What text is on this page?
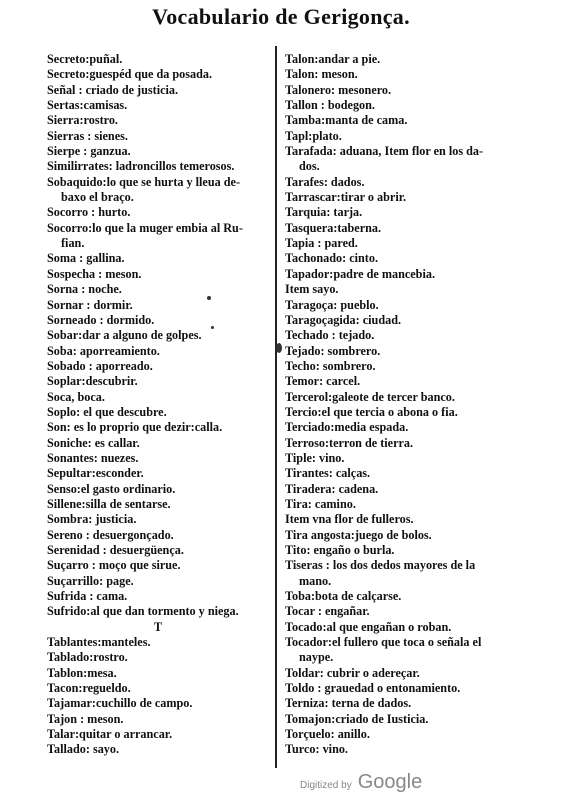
Vocabulario de Gerigonça.
Secreto:puñal.
Secreto:guespéd que da posada.
Señal : criado de justicia.
Sertas:camisas.
Sierra:rostro.
Sierras : sienes.
Sierpe : ganzua.
Similirrates: ladroncillos temerosos.
Sobaquido:lo que se hurta y lleua de-
baxo el braço.
Socorro : hurto.
Socorro:lo que la muger embia al Ru-
fian.
Soma : gallina.
Sospecha : meson.
Sorna : noche.
Sornar : dormir.
Sorneado : dormido.
Sobar:dar a alguno de golpes.
Soba: aporreamiento.
Sobado : aporreado.
Soplar:descubrir.
Soca, boca.
Soplo: el que descubre.
Son: es lo proprio que dezir:calla.
Soniche: es callar.
Sonantes: nuezes.
Sepultar:esconder.
Senso:el gasto ordinario.
Sillene:silla de sentarse.
Sombra: justicia.
Sereno : desuergonçado.
Serenidad : desuergüença.
Suçarro : moço que sirue.
Suçarrillo: page.
Sufrida : cama.
Sufrido:al que dan tormento y niega.
T
Tablantes:manteles.
Tablado:rostro.
Tablon:mesa.
Tacon:regueldo.
Tajamar:cuchillo de campo.
Tajon : meson.
Talar:quitar o arrancar.
Tallado: sayo.
Talon:andar a pie.
Talon: meson.
Talonero: mesonero.
Tallon : bodegon.
Tamba:manta de cama.
Tapl:plato.
Tarafada: aduana, Item flor en los da-
dos.
Tarafes: dados.
Tarrascar:tirar o abrir.
Tarquia: tarja.
Tasquera:taberna.
Tapia : pared.
Tachonado: cinto.
Tapador:padre de mancebia.
Item sayo.
Taragoça: pueblo.
Taragoçagida: ciudad.
Techado : tejado.
Tejado: sombrero.
Techo: sombrero.
Temor: carcel.
Tercerol:galeote de tercer banco.
Tercio:el que tercia o abona o fia.
Terciado:media espada.
Terroso:terron de tierra.
Tiple: vino.
Tirantes: calças.
Tiradera: cadena.
Tira: camino.
Item vna flor de fulleros.
Tira angosta:juego de bolos.
Tito: engaño o burla.
Tiseras : los dos dedos mayores de la
mano.
Toba:bota de calçarse.
Tocar : engañar.
Tocado:al que engañan o roban.
Tocador:el fullero que toca o señala el
naype.
Toldar: cubrir o adereçar.
Toldo : grauedad o entonamiento.
Terniza: terna de dados.
Tomajon:criado de Iusticia.
Torçuelo: anillo.
Turco: vino.
Digitized by Google
